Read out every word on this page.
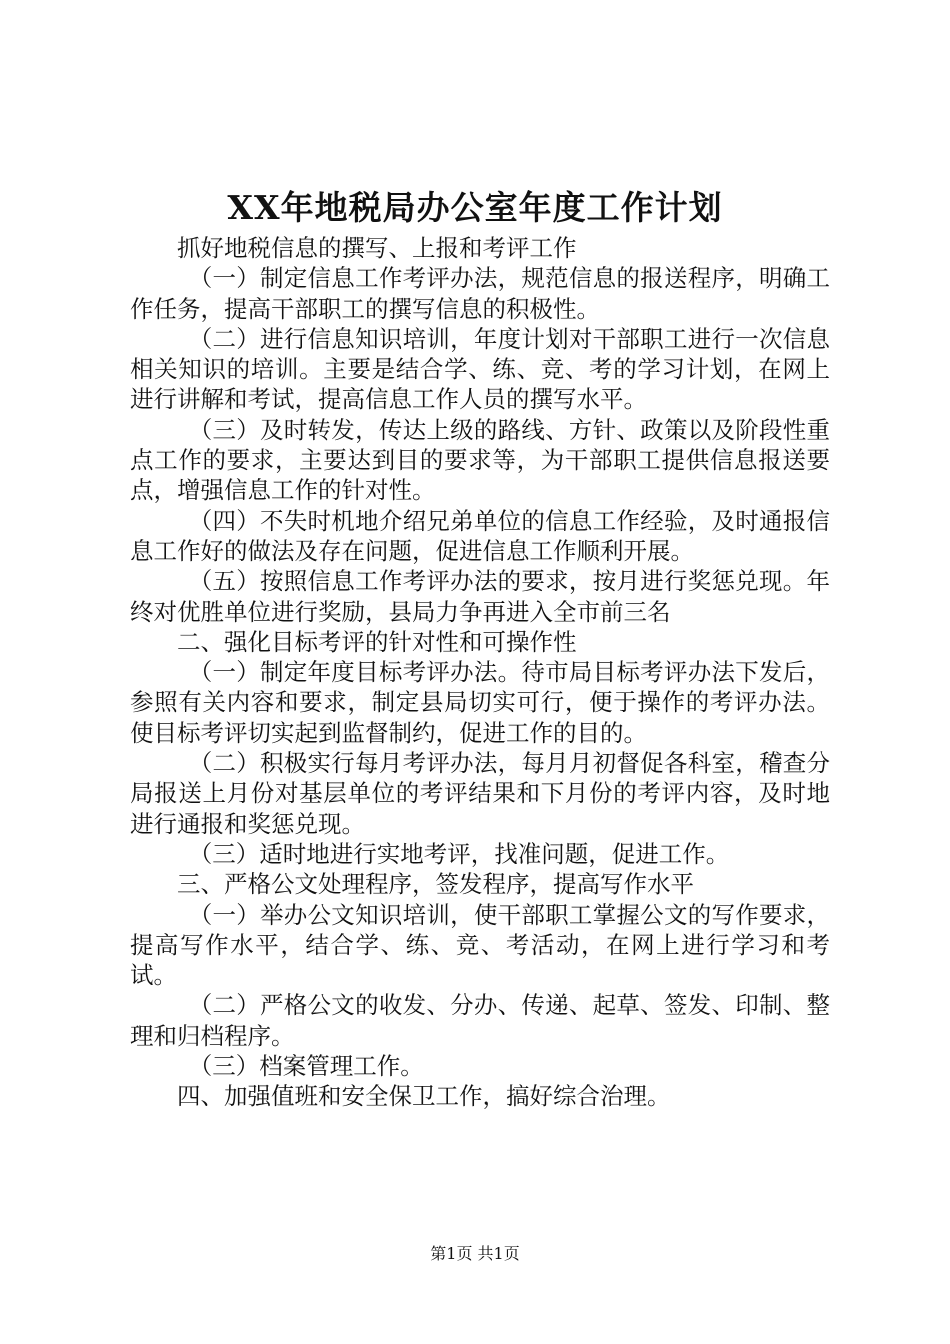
XX年地税局办公室年度工作计划

抓好地税信息的撰写、上报和考评工作

（一）制定信息工作考评办法，规范信息的报送程序，明确工作任务，提高干部职工的撰写信息的积极性。

（二）进行信息知识培训，年度计划对干部职工进行一次信息相关知识的培训。主要是结合学、练、竞、考的学习计划，在网上进行讲解和考试，提高信息工作人员的撰写水平。

（三）及时转发，传达上级的路线、方针、政策以及阶段性重点工作的要求，主要达到目的要求等，为干部职工提供信息报送要点，增强信息工作的针对性。

（四）不失时机地介绍兄弟单位的信息工作经验，及时通报信息工作好的做法及存在问题，促进信息工作顺利开展。

（五）按照信息工作考评办法的要求，按月进行奖惩兑现。年终对优胜单位进行奖励，县局力争再进入全市前三名

二、强化目标考评的针对性和可操作性

（一）制定年度目标考评办法。待市局目标考评办法下发后，参照有关内容和要求，制定县局切实可行，便于操作的考评办法。使目标考评切实起到监督制约，促进工作的目的。

（二）积极实行每月考评办法，每月月初督促各科室，稽查分局报送上月份对基层单位的考评结果和下月份的考评内容，及时地进行通报和奖惩兑现。

（三）适时地进行实地考评，找准问题，促进工作。

三、严格公文处理程序，签发程序，提高写作水平

（一）举办公文知识培训，使干部职工掌握公文的写作要求，提高写作水平，结合学、练、竞、考活动，在网上进行学习和考试。

（二）严格公文的收发、分办、传递、起草、签发、印制、整理和归档程序。

（三）档案管理工作。

四、加强值班和安全保卫工作，搞好综合治理。

第1页 共1页
